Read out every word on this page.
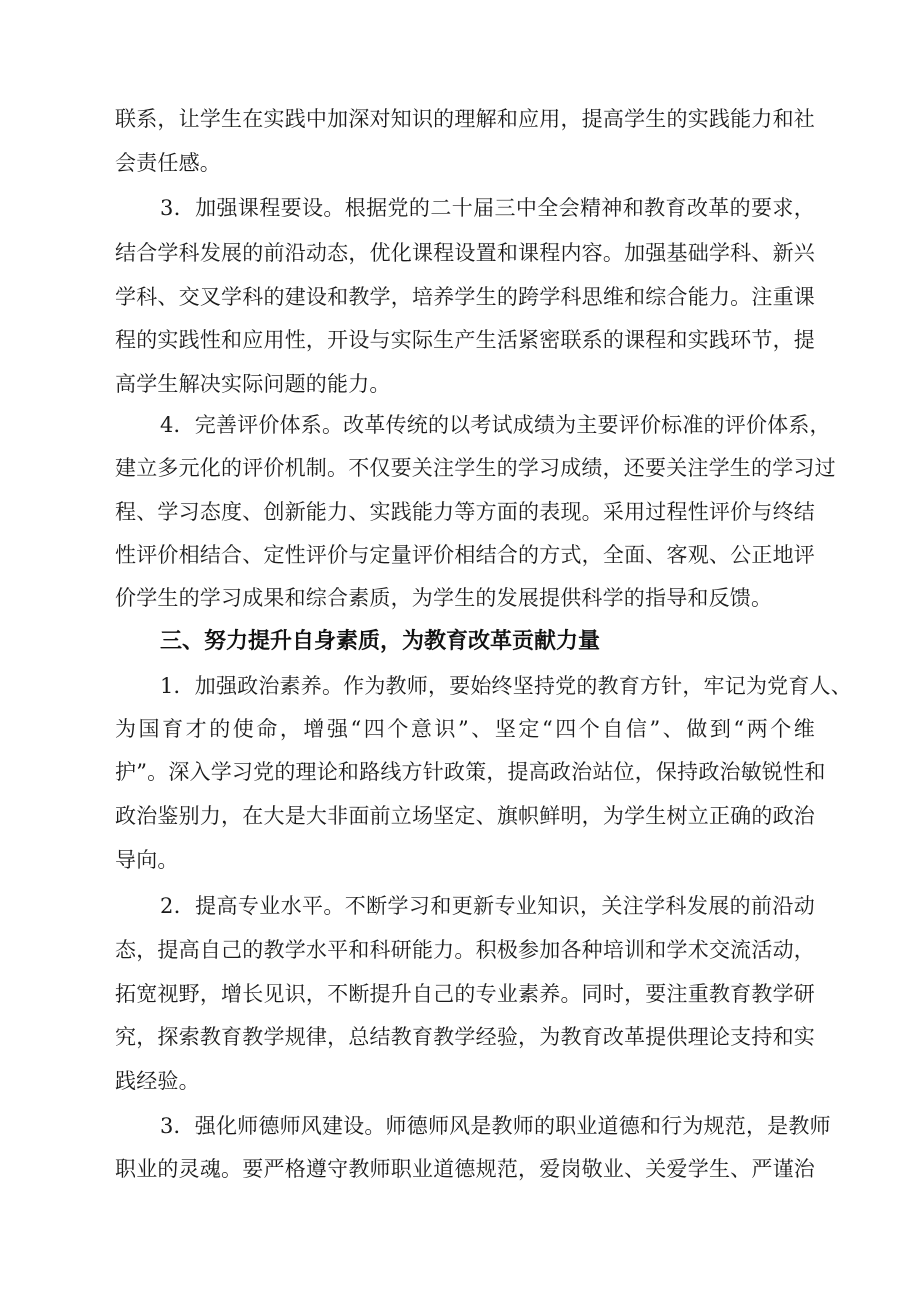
联系，让学生在实践中加深对知识的理解和应用，提高学生的实践能力和社
会责任感。
3．加强课程要设。根据党的二十届三中全会精神和教育改革的要求，
结合学科发展的前沿动态，优化课程设置和课程内容。加强基础学科、新兴
学科、交叉学科的建设和教学，培养学生的跨学科思维和综合能力。注重课
程的实践性和应用性，开设与实际生产生活紧密联系的课程和实践环节，提
高学生解决实际问题的能力。
4．完善评价体系。改革传统的以考试成绩为主要评价标准的评价体系，
建立多元化的评价机制。不仅要关注学生的学习成绩，还要关注学生的学习过
程、学习态度、创新能力、实践能力等方面的表现。采用过程性评价与终结
性评价相结合、定性评价与定量评价相结合的方式，全面、客观、公正地评
价学生的学习成果和综合素质，为学生的发展提供科学的指导和反馈。
三、努力提升自身素质，为教育改革贡献力量
1．加强政治素养。作为教师，要始终坚持党的教育方针，牢记为党育人、
为国育才的使命，增强“四个意识”、坚定“四个自信”、做到“两个维
护”。深入学习党的理论和路线方针政策，提高政治站位，保持政治敏锐性和
政治鉴别力，在大是大非面前立场坚定、旗帜鲜明，为学生树立正确的政治
导向。
2．提高专业水平。不断学习和更新专业知识，关注学科发展的前沿动
态，提高自己的教学水平和科研能力。积极参加各种培训和学术交流活动，
拓宽视野，增长见识，不断提升自己的专业素养。同时，要注重教育教学研
究，探索教育教学规律，总结教育教学经验，为教育改革提供理论支持和实
践经验。
3．强化师德师风建设。师德师风是教师的职业道德和行为规范，是教师
职业的灵魂。要严格遵守教师职业道德规范，爱岗敬业、关爱学生、严谨治
